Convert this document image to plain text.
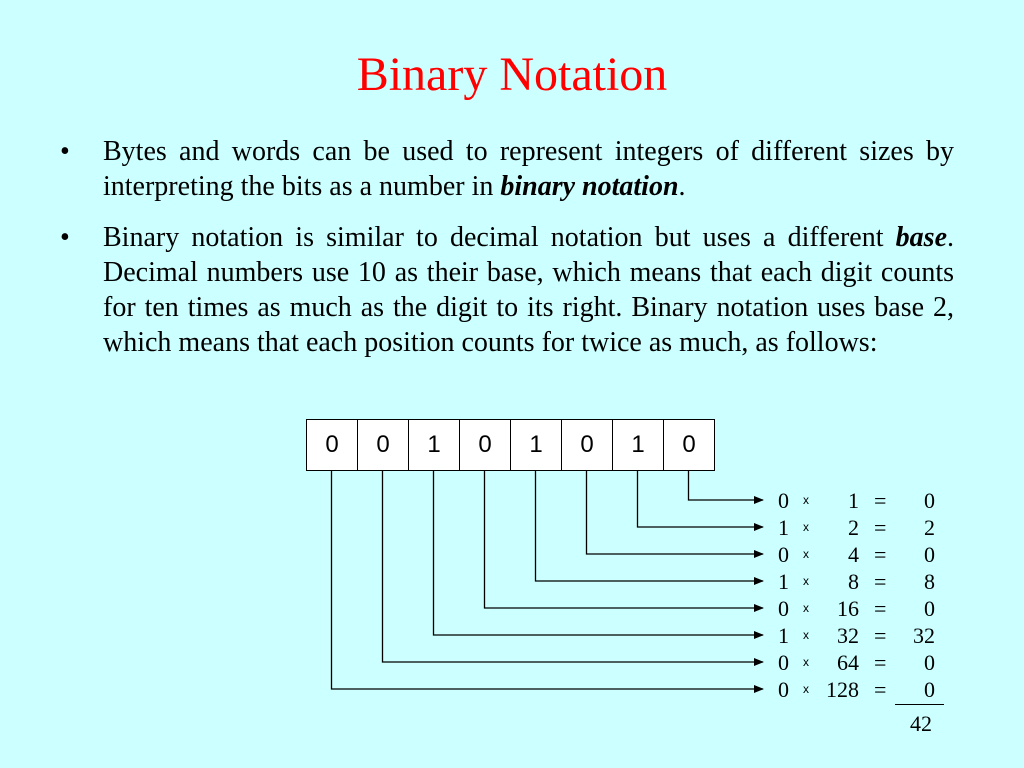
Binary Notation
• Bytes and words can be used to represent integers of different sizes by interpreting the bits as a number in binary notation.
• Binary notation is similar to decimal notation but uses a different base. Decimal numbers use 10 as their base, which means that each digit counts for ten times as much as the digit to its right. Binary notation uses base 2, which means that each position counts for twice as much, as follows:
0	0	1	0	1	0	1	0
0 x	1 =	0
1 x	2 =	2
0 x	4 =	0
1 x	8 =	8
0 x	16 =	0
1 x	32 =	32
0 x	64 =	0
0 x 128 =	0
42
